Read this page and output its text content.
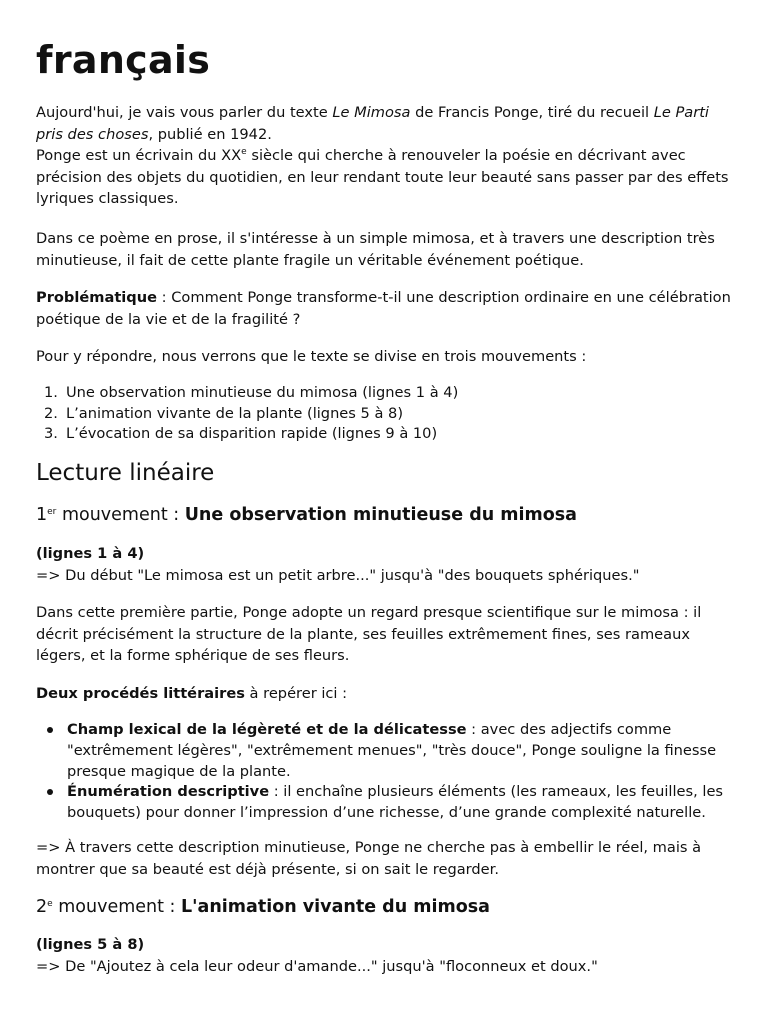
français

Aujourd'hui, je vais vous parler du texte Le Mimosa de Francis Ponge, tiré du recueil Le Parti pris des choses, publié en 1942.

Ponge est un écrivain du XXe siècle qui cherche à renouveler la poésie en décrivant avec précision des objets du quotidien, en leur rendant toute leur beauté sans passer par des effets lyriques classiques.

Dans ce poème en prose, il s'intéresse à un simple mimosa, et à travers une description très minutieuse, il fait de cette plante fragile un véritable événement poétique.

Problématique : Comment Ponge transforme-t-il une description ordinaire en une célébration poétique de la vie et de la fragilité ?

Pour y répondre, nous verrons que le texte se divise en trois mouvements :

1. Une observation minutieuse du mimosa (lignes 1 à 4)
2. L’animation vivante de la plante (lignes 5 à 8)
3. L’évocation de sa disparition rapide (lignes 9 à 10)
Lecture linéaire
1er mouvement : Une observation minutieuse du mimosa

(lignes 1 à 4)

=> Du début "Le mimosa est un petit arbre..." jusqu'à "des bouquets sphériques."

Dans cette première partie, Ponge adopte un regard presque scientifique sur le mimosa : il décrit précisément la structure de la plante, ses feuilles extrêmement fines, ses rameaux légers, et la forme sphérique de ses fleurs.

Deux procédés littéraires à repérer ici :

Champ lexical de la légèreté et de la délicatesse : avec des adjectifs comme "extrêmement légères", "extrêmement menues", "très douce", Ponge souligne la finesse presque magique de la plante.
Énumération descriptive : il enchaîne plusieurs éléments (les rameaux, les feuilles, les bouquets) pour donner l’impression d’une richesse, d’une grande complexité naturelle.

=> À travers cette description minutieuse, Ponge ne cherche pas à embellir le réel, mais à montrer que sa beauté est déjà présente, si on sait le regarder.

2e mouvement : L'animation vivante du mimosa

(lignes 5 à 8)

=> De "Ajoutez à cela leur odeur d'amande..." jusqu'à "floconneux et doux."
